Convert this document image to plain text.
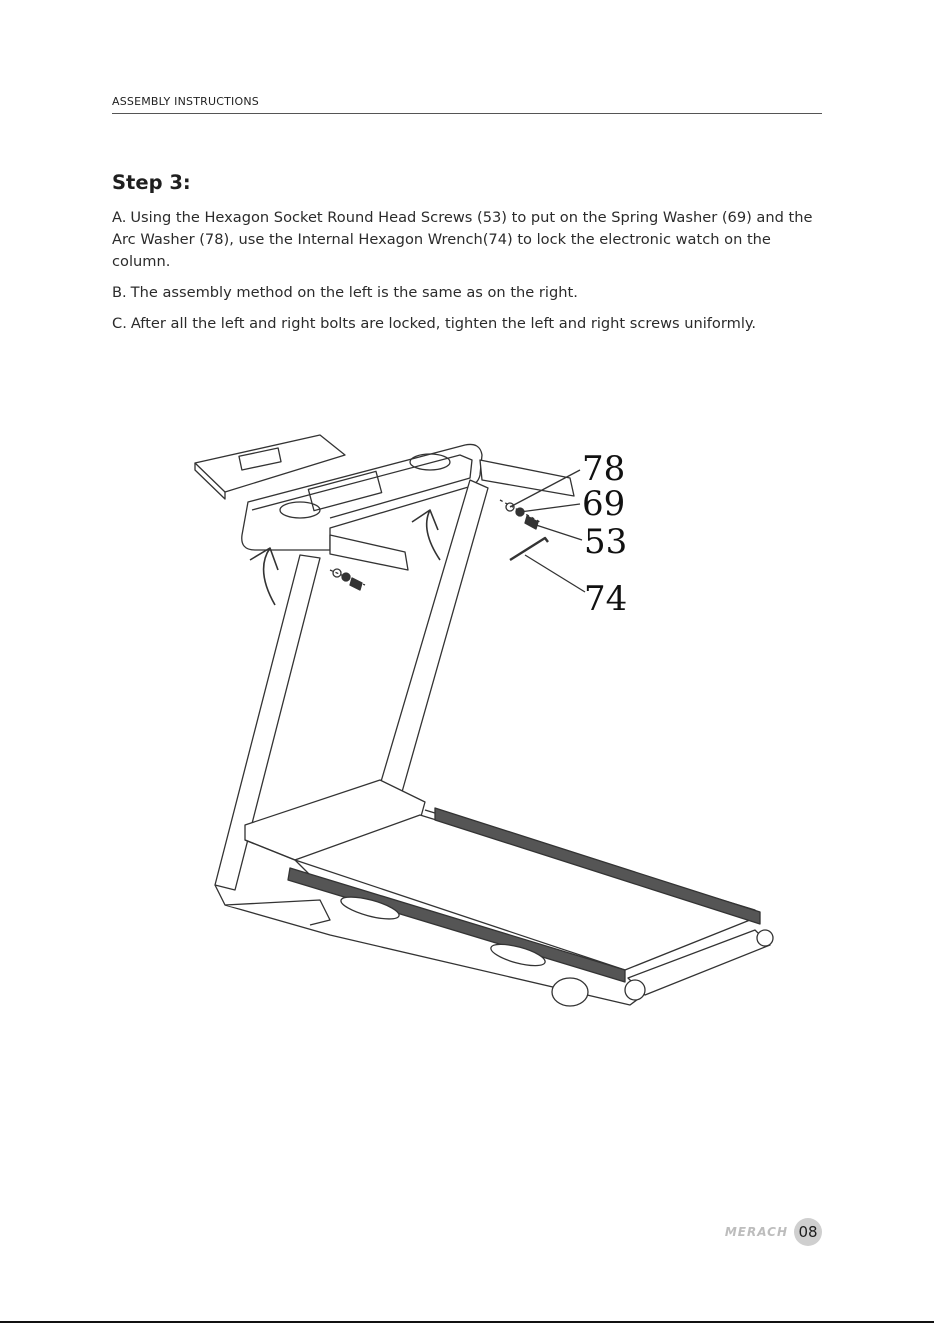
ASSEMBLY INSTRUCTIONS
Step 3:

A. Using the Hexagon Socket Round Head Screws (53) to put on the Spring Washer (69) and the Arc Washer (78), use the Internal Hexagon Wrench(74) to lock the electronic watch on the column.

B. The assembly method on the left is the same as on the right.

C. After all the left and right bolts are locked, tighten the left and right screws uniformly.

78
69
53
74
MERACH 08
